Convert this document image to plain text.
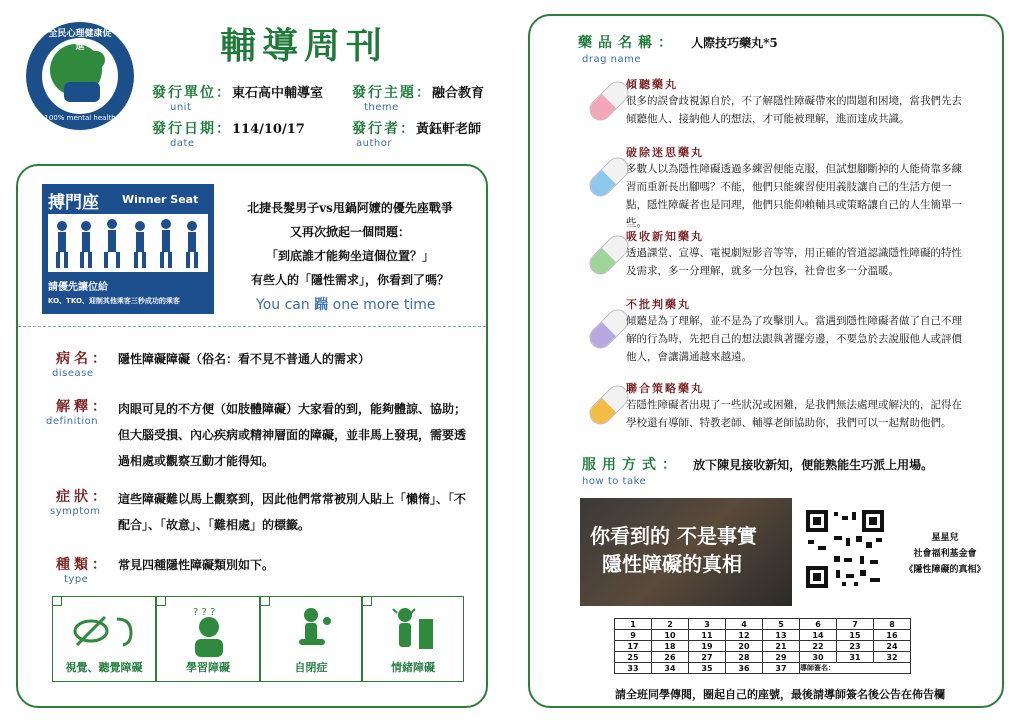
全民心理健康促進
100% mental health
輔導周刊
發行單位：東石高中輔導室
unit
發行主題：融合教育
theme
發行日期：114/10/17
date
發行者：黃鈺軒老師
author
搏門座 Winner Seat
請優先讓位給
KO、TKO、迎制其他乘客三秒成功的乘客
北捷長髮男子vs甩鍋阿嬤的優先座戰爭
又再次掀起一個問題：
「到底誰才能夠坐這個位置？」
有些人的「隱性需求」，你看到了嗎？
You can 踹 one more time
病名：
disease
隱性障礙障礙（俗名：看不見不普通人的需求）
解釋：
definition
肉眼可見的不方便（如肢體障礙）大家看的到，能夠體諒、協助；但大腦受損、內心疾病或精神層面的障礙，並非馬上發現，需要透過相處或觀察互動才能得知。
症狀：
symptom
這些障礙難以馬上觀察到，因此他們常常被別人貼上「懶惰」、「不配合」、「故意」、「難相處」的標籤。
種類：
type
常見四種隱性障礙類別如下。
視覺、聽覺障礙
? ? ?
學習障礙	自閉症	情緒障礙
藥品名稱： 人際技巧藥丸*5
drag name
傾聽藥丸
很多的誤會歧視源自於，不了解隱性障礙帶來的問題和困境，當我們先去傾聽他人、接納他人的想法，才可能被理解，進而達成共識。
破除迷思藥丸
多數人以為隱性障礙透過多練習便能克服，但試想腳斷掉的人能倚靠多練習而重新長出腳嗎？不能，他們只能練習使用義肢讓自己的生活方便一點，隱性障礙者也是同理，他們只能仰賴輔具或策略讓自己的人生簡單一些。
吸收新知藥丸
透過課堂、宣導、電視劇短影音等等，用正確的管道認識隱性障礙的特性及需求，多一分理解，就多一分包容，社會也多一分溫暖。
不批判藥丸
傾聽是為了理解，並不是為了攻擊別人。當遇到隱性障礙者做了自己不理解的行為時，先把自己的想法跟執著擺旁邊，不要急於去說服他人或評價他人，會讓溝通越來越遠。
聯合策略藥丸
若隱性障礙者出現了一些狀況或困難，是我們無法處理或解決的，記得在學校還有導師、特教老師、輔導老師協助你，我們可以一起幫助他們。
服用方式： 放下陳見接收新知，便能熟能生巧派上用場。
how to take
你看到的 不是事實
隱性障礙的真相
星星兒
社會福利基金會
《隱性障礙的真相》
1	2	3	4	5	6	7	8
9	10	11	12	13	14	15	16
17	18	19	20	21	22	23	24
25	26	27	28	29	30	31	32
33	34	35	36	37	導師簽名：		
請全班同學傳閱，圈起自己的座號，最後請導師簽名後公告在佈告欄
